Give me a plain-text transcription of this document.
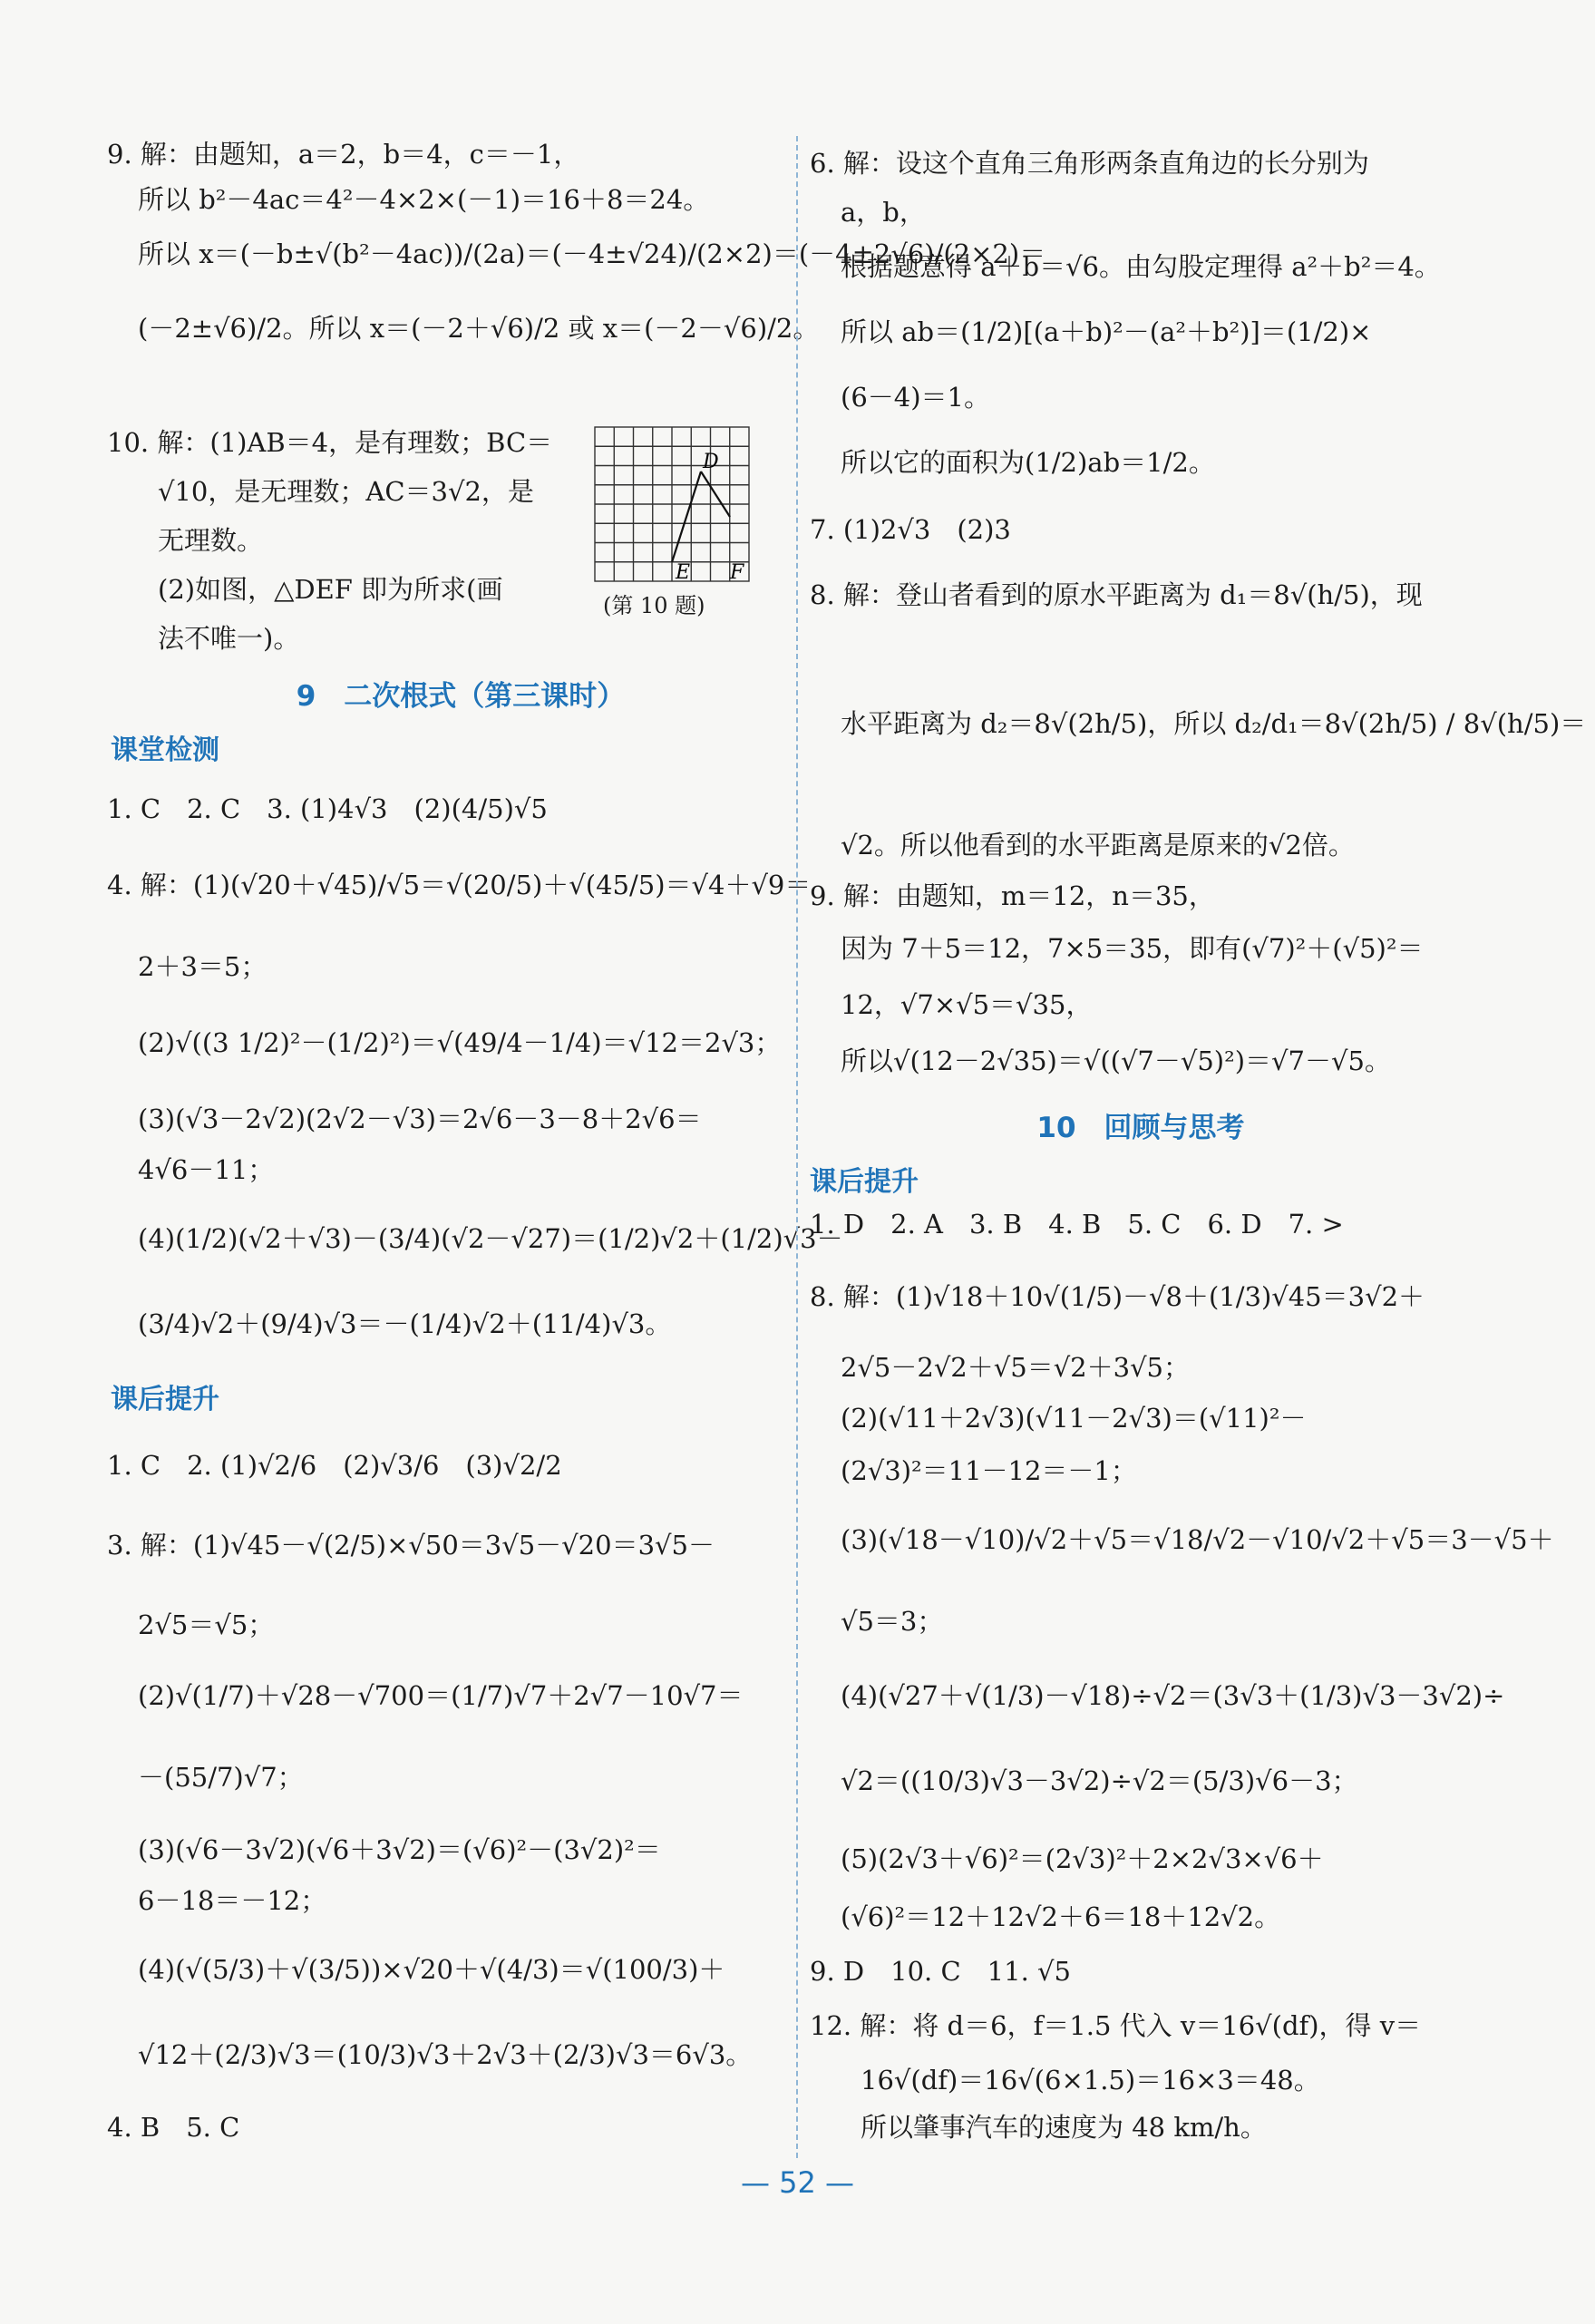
9. 解：由题知，a＝2，b＝4，c＝－1，
所以 b²－4ac＝4²－4×2×(－1)＝16＋8＝24。
所以 x＝(－b±√(b²－4ac))/(2a)＝(－4±√24)/(2×2)＝(－4±2√6)/(2×2)＝
(－2±√6)/2。所以 x＝(－2＋√6)/2 或 x＝(－2－√6)/2。
10. 解：(1)AB＝4，是有理数；BC＝
√10，是无理数；AC＝3√2，是
无理数。
(2)如图，△DEF 即为所求(画
法不唯一)。
9　二次根式（第三课时）
课堂检测
1. C　2. C　3. (1)4√3　(2)(4/5)√5
4. 解：(1)(√20＋√45)/√5＝√(20/5)＋√(45/5)＝√4＋√9＝
2＋3＝5；
(2)√((3 1/2)²－(1/2)²)＝√(49/4－1/4)＝√12＝2√3；
(3)(√3－2√2)(2√2－√3)＝2√6－3－8＋2√6＝
4√6－11；
(4)(1/2)(√2＋√3)－(3/4)(√2－√27)＝(1/2)√2＋(1/2)√3－
(3/4)√2＋(9/4)√3＝－(1/4)√2＋(11/4)√3。
课后提升
1. C　2. (1)√2/6　(2)√3/6　(3)√2/2
3. 解：(1)√45－√(2/5)×√50＝3√5－√20＝3√5－
2√5＝√5；
(2)√(1/7)＋√28－√700＝(1/7)√7＋2√7－10√7＝
－(55/7)√7；
(3)(√6－3√2)(√6＋3√2)＝(√6)²－(3√2)²＝
6－18＝－12；
(4)(√(5/3)＋√(3/5))×√20＋√(4/3)＝√(100/3)＋
√12＋(2/3)√3＝(10/3)√3＋2√3＋(2/3)√3＝6√3。
4. B　5. C
D
E F
(第 10 题)
6. 解：设这个直角三角形两条直角边的长分别为
a，b，
根据题意得 a＋b＝√6。由勾股定理得 a²＋b²＝4。
所以 ab＝(1/2)[(a＋b)²－(a²＋b²)]＝(1/2)×
(6－4)＝1。
所以它的面积为(1/2)ab＝1/2。
7. (1)2√3　(2)3
8. 解：登山者看到的原水平距离为 d₁＝8√(h/5)，现
水平距离为 d₂＝8√(2h/5)，所以 d₂/d₁＝8√(2h/5) / 8√(h/5)＝
√2。所以他看到的水平距离是原来的√2倍。
9. 解：由题知，m＝12，n＝35，
因为 7＋5＝12，7×5＝35，即有(√7)²＋(√5)²＝
12，√7×√5＝√35，
所以√(12－2√35)＝√((√7－√5)²)＝√7－√5。
10　回顾与思考
课后提升
1. D　2. A　3. B　4. B　5. C　6. D　7. >
8. 解：(1)√18＋10√(1/5)－√8＋(1/3)√45＝3√2＋
2√5－2√2＋√5＝√2＋3√5；
(2)(√11＋2√3)(√11－2√3)＝(√11)²－
(2√3)²＝11－12＝－1；
(3)(√18－√10)/√2＋√5＝√18/√2－√10/√2＋√5＝3－√5＋
√5＝3；
(4)(√27＋√(1/3)－√18)÷√2＝(3√3＋(1/3)√3－3√2)÷
√2＝((10/3)√3－3√2)÷√2＝(5/3)√6－3；
(5)(2√3＋√6)²＝(2√3)²＋2×2√3×√6＋
(√6)²＝12＋12√2＋6＝18＋12√2。
9. D　10. C　11. √5
12. 解：将 d＝6，f＝1.5 代入 v＝16√(df)，得 v＝
16√(df)＝16√(6×1.5)＝16×3＝48。
所以肇事汽车的速度为 48 km/h。
— 52 —
